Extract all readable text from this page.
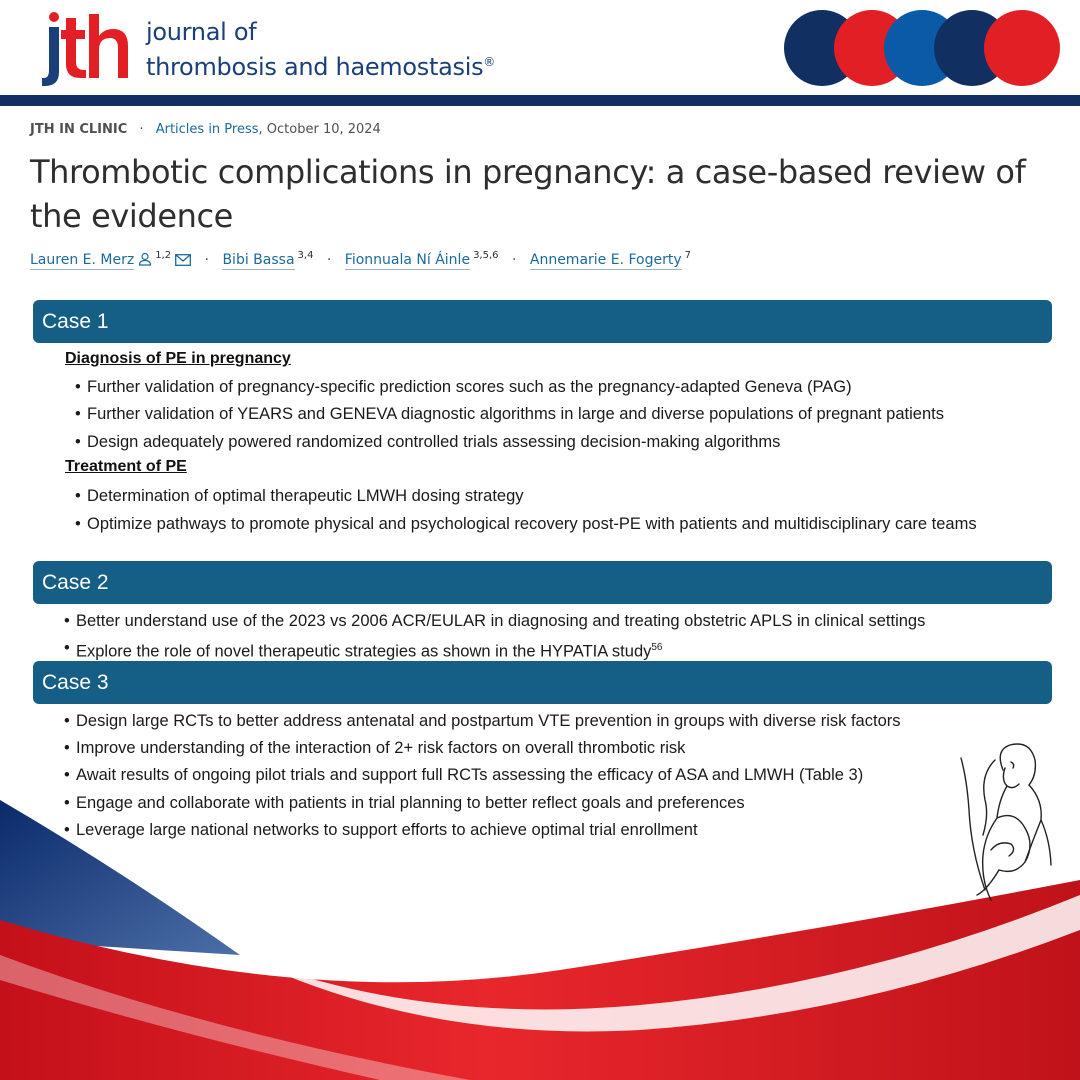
journal of
thrombosis and haemostasis®
JTH IN CLINIC · Articles in Press, October 10, 2024
Thrombotic complications in pregnancy: a case-based review of the evidence
Lauren E. Merz $^{1,2}$ · Bibi Bassa $^{3,4}$ · Fionnuala Ní Áinle $^{3,5,6}$ · Annemarie E. Fogerty $^7$
Case 1
Diagnosis of PE in pregnancy
• Further validation of pregnancy-specific prediction scores such as the pregnancy-adapted Geneva (PAG)
• Further validation of YEARS and GENEVA diagnostic algorithms in large and diverse populations of pregnant patients
• Design adequately powered randomized controlled trials assessing decision-making algorithms
Treatment of PE
• Determination of optimal therapeutic LMWH dosing strategy
• Optimize pathways to promote physical and psychological recovery post-PE with patients and multidisciplinary care teams
Case 2
• Better understand use of the 2023 vs 2006 ACR/EULAR in diagnosing and treating obstetric APLS in clinical settings
• Explore the role of novel therapeutic strategies as shown in the HYPATIA study$^{56}$
Case 3
• Design large RCTs to better address antenatal and postpartum VTE prevention in groups with diverse risk factors
• Improve understanding of the interaction of 2+ risk factors on overall thrombotic risk
• Await results of ongoing pilot trials and support full RCTs assessing the efficacy of ASA and LMWH (Table 3)
• Engage and collaborate with patients in trial planning to better reflect goals and preferences
• Leverage large national networks to support efforts to achieve optimal trial enrollment
